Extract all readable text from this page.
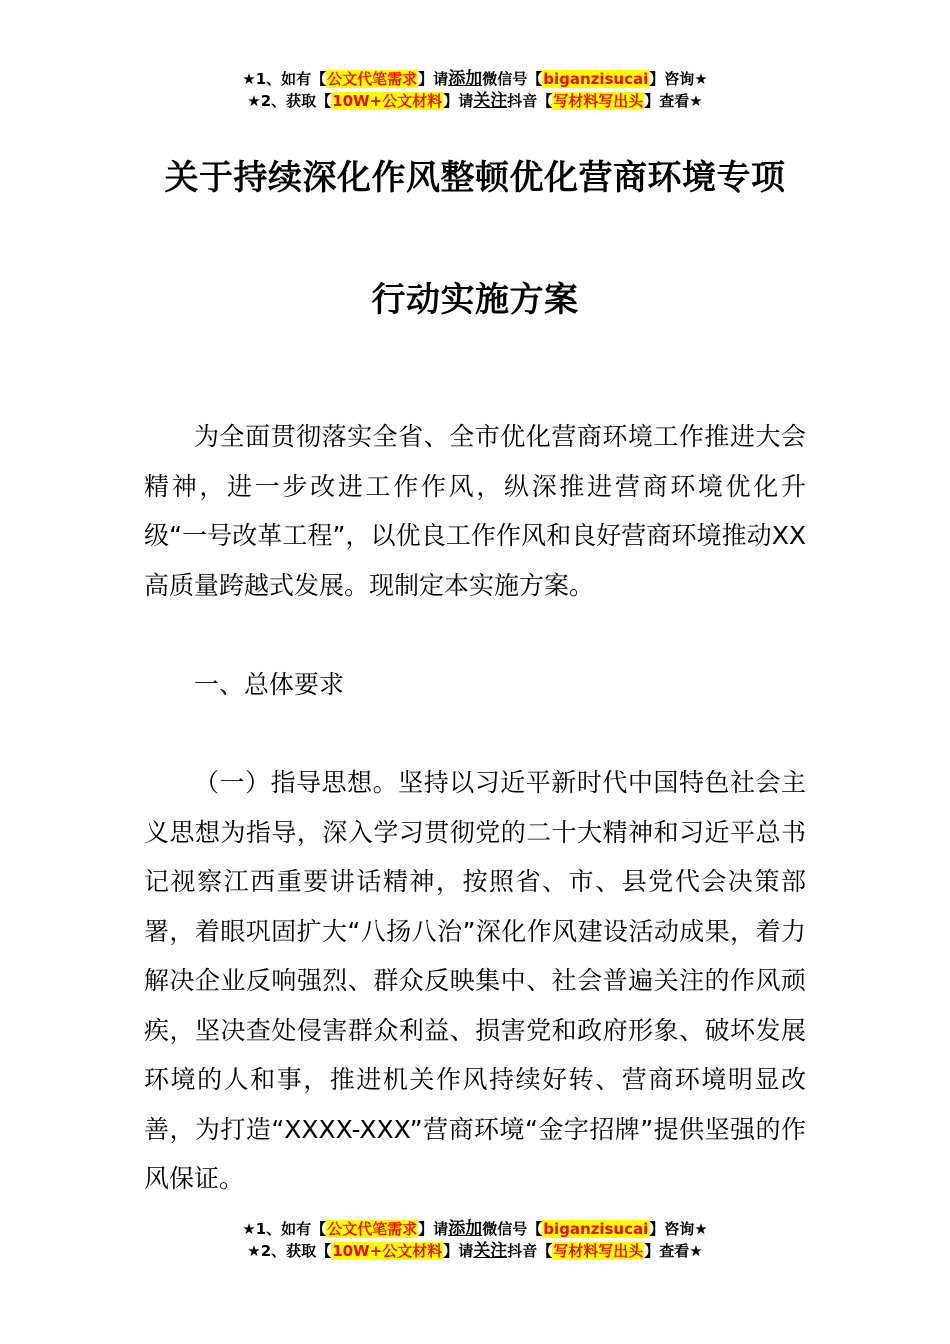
★1、如有【公文代笔需求】请添加微信号【biganzisucai】咨询★
★2、获取【10W+公文材料】请关注抖音【写材料写出头】查看★
关于持续深化作风整顿优化营商环境专项
行动实施方案

为全面贯彻落实全省、全市优化营商环境工作推进大会精神，进一步改进工作作风，纵深推进营商环境优化升级“一号改革工程”，以优良工作作风和良好营商环境推动XX高质量跨越式发展。现制定本实施方案。

一、总体要求

（一）指导思想。坚持以习近平新时代中国特色社会主义思想为指导，深入学习贯彻党的二十大精神和习近平总书记视察江西重要讲话精神，按照省、市、县党代会决策部署，着眼巩固扩大“八扬八治”深化作风建设活动成果，着力解决企业反响强烈、群众反映集中、社会普遍关注的作风顽疾，坚决查处侵害群众利益、损害党和政府形象、破坏发展环境的人和事，推进机关作风持续好转、营商环境明显改善，为打造“XXXX-XXX”营商环境“金字招牌”提供坚强的作风保证。

★1、如有【公文代笔需求】请添加微信号【biganzisucai】咨询★
★2、获取【10W+公文材料】请关注抖音【写材料写出头】查看★
